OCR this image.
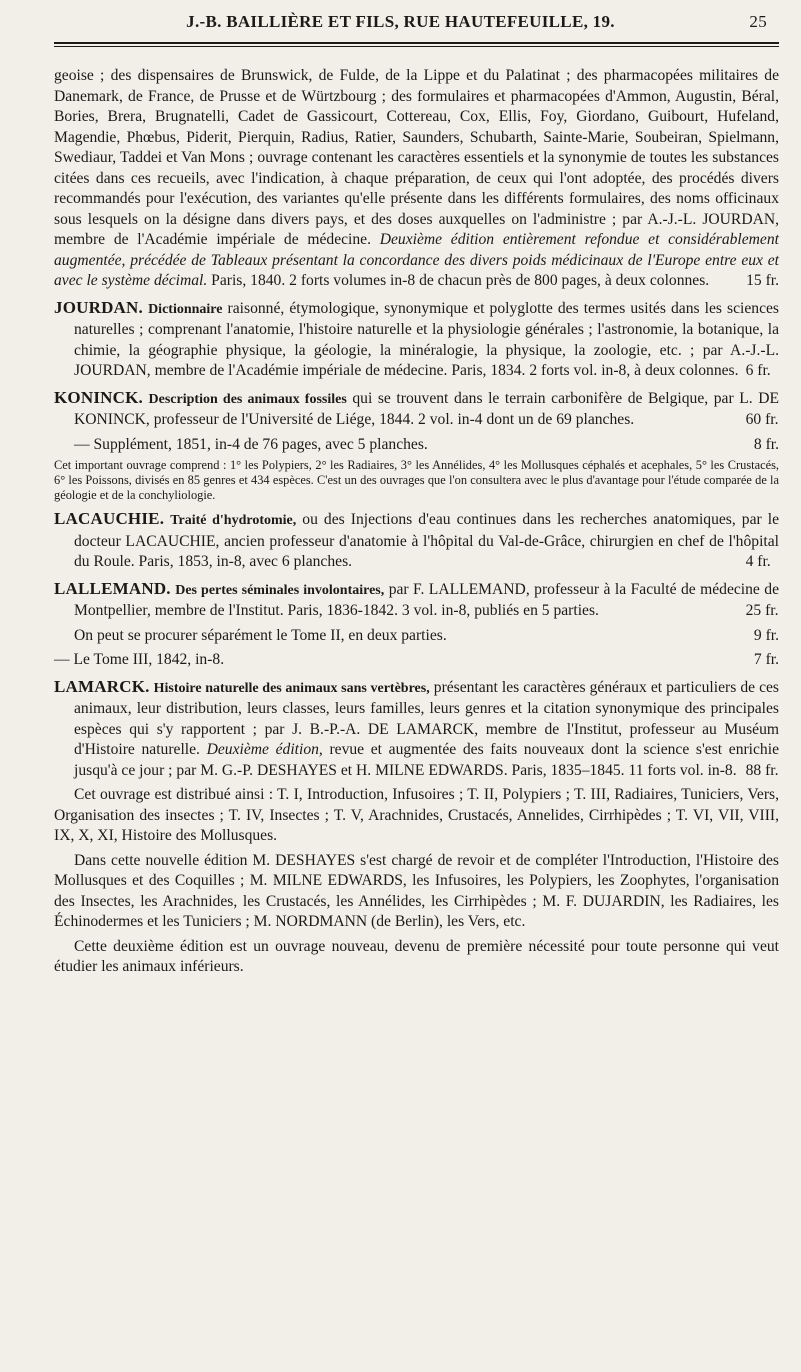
J.-B. BAILLIÈRE ET FILS, RUE HAUTEFEUILLE, 19.	25

geoise ; des dispensaires de Brunswick, de Fulde, de la Lippe et du Palatinat ; des pharmacopées militaires de Danemark, de France, de Prusse et de Würtzbourg ; des formulaires et pharmacopées d'Ammon, Augustin, Béral, Bories, Brera, Brugnatelli, Cadet de Gassicourt, Cottereau, Cox, Ellis, Foy, Giordano, Guibourt, Hufeland, Magendie, Phœbus, Piderit, Pierquin, Radius, Ratier, Saunders, Schubarth, Sainte-Marie, Soubeiran, Spielmann, Swediaur, Taddei et Van Mons ; ouvrage contenant les caractères essentiels et la synonymie de toutes les substances citées dans ces recueils, avec l'indication, à chaque préparation, de ceux qui l'ont adoptée, des procédés divers recommandés pour l'exécution, des variantes qu'elle présente dans les différents formulaires, des noms officinaux sous lesquels on la désigne dans divers pays, et des doses auxquelles on l'administre ; par A.-J.-L. JOURDAN, membre de l'Académie impériale de médecine. Deuxième édition entièrement refondue et considérablement augmentée, précédée de Tableaux présentant la concordance des divers poids médicinaux de l'Europe entre eux et avec le système décimal. Paris, 1840. 2 forts volumes in-8 de chacun près de 800 pages, à deux colonnes. 15 fr.

JOURDAN. Dictionnaire raisonné, étymologique, synonymique et polyglotte des termes usités dans les sciences naturelles ; comprenant l'anatomie, l'histoire naturelle et la physiologie générales ; l'astronomie, la botanique, la chimie, la géographie physique, la géologie, la minéralogie, la physique, la zoologie, etc. ; par A.-J.-L. JOURDAN, membre de l'Académie impériale de médecine. Paris, 1834. 2 forts vol. in-8, à deux colonnes. 6 fr.

KONINCK. Description des animaux fossiles qui se trouvent dans le terrain carbonifère de Belgique, par L. DE KONINCK, professeur de l'Université de Liége, 1844. 2 vol. in-4 dont un de 69 planches.	60 fr.

— Supplément, 1851, in-4 de 76 pages, avec 5 planches.	8 fr.

Cet important ouvrage comprend : 1° les Polypiers, 2° les Radiaires, 3° les Annélides, 4° les Mollusques céphalés et acephales, 5° les Crustacés, 6° les Poissons, divisés en 85 genres et 434 espèces. C'est un des ouvrages que l'on consultera avec le plus d'avantage pour l'étude comparée de la géologie et de la conchyliologie.

LACAUCHIE. Traité d'hydrotomie, ou des Injections d'eau continues dans les recherches anatomiques, par le docteur LACAUCHIE, ancien professeur d'anatomie à l'hôpital du Val-de-Grâce, chirurgien en chef de l'hôpital du Roule. Paris, 1853, in-8, avec 6 planches.	4 fr.

LALLEMAND. Des pertes séminales involontaires, par F. LALLEMAND, professeur à la Faculté de médecine de Montpellier, membre de l'Institut. Paris, 1836-1842. 3 vol. in-8, publiés en 5 parties.	25 fr.

On peut se procurer séparément le Tome II, en deux parties.	9 fr.

— Le Tome III, 1842, in-8.	7 fr.

LAMARCK. Histoire naturelle des animaux sans vertèbres, présentant les caractères généraux et particuliers de ces animaux, leur distribution, leurs classes, leurs familles, leurs genres et la citation synonymique des principales espèces qui s'y rapportent ; par J. B.-P.-A. DE LAMARCK, membre de l'Institut, professeur au Muséum d'Histoire naturelle. Deuxième édition, revue et augmentée des faits nouveaux dont la science s'est enrichie jusqu'à ce jour ; par M. G.-P. DESHAYES et H. MILNE EDWARDS. Paris, 1835–1845. 11 forts vol. in-8. 88 fr.

Cet ouvrage est distribué ainsi : T. I, Introduction, Infusoires ; T. II, Polypiers ; T. III, Radiaires, Tuniciers, Vers, Organisation des insectes ; T. IV, Insectes ; T. V, Arachnides, Crustacés, Annelides, Cirrhipèdes ; T. VI, VII, VIII, IX, X, XI, Histoire des Mollusques.

Dans cette nouvelle édition M. DESHAYES s'est chargé de revoir et de compléter l'Introduction, l'Histoire des Mollusques et des Coquilles ; M. MILNE EDWARDS, les Infusoires, les Polypiers, les Zoophytes, l'organisation des Insectes, les Arachnides, les Crustacés, les Annélides, les Cirrhipèdes ; M. F. DUJARDIN, les Radiaires, les Échinodermes et les Tuniciers ; M. NORDMANN (de Berlin), les Vers, etc.

Cette deuxième édition est un ouvrage nouveau, devenu de première nécessité pour toute personne qui veut étudier les animaux inférieurs.
